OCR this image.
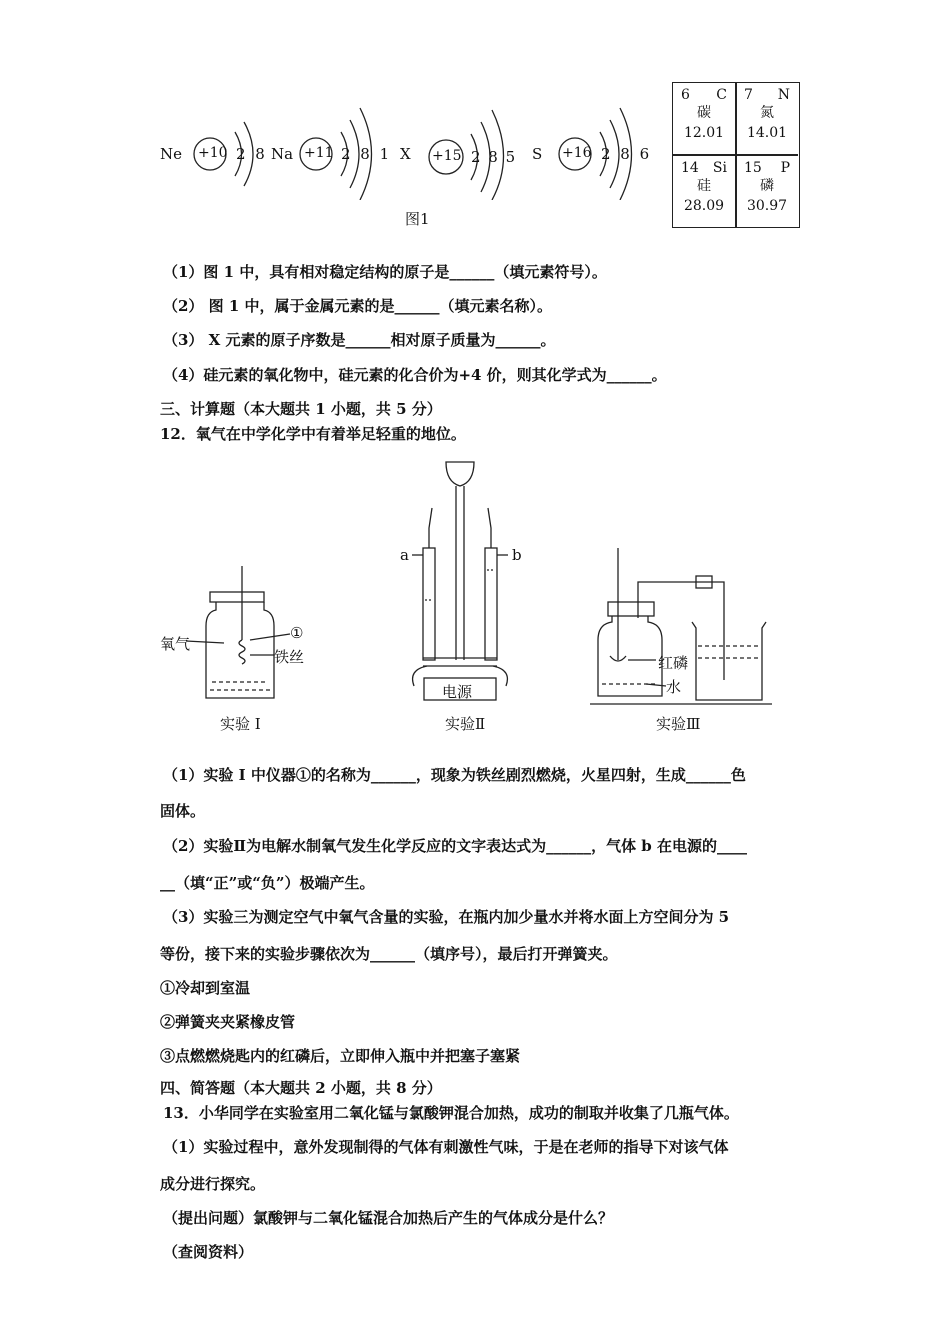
Ne +10 2 8 Na +11 2 8 1 X +15 2 8 5 S +16 2 8 6
图1
6 C
碳
12.01
7 N
氮
14.01
14 Si
硅
28.09
15 P
磷
30.97
（1）图 1 中，具有相对稳定结构的原子是______（填元素符号）。
（2） 图 1 中，属于金属元素的是______（填元素名称）。
（3） X 元素的原子序数是______相对原子质量为______。
（4）硅元素的氧化物中，硅元素的化合价为+4 价，则其化学式为______。
三、计算题（本大题共 1 小题，共 5 分）
12．氧气在中学化学中有着举足轻重的地位。
氧气
①
铁丝
实验 I
a	b
电源
实验Ⅱ
红磷
水
实验Ⅲ
（1）实验 I 中仪器①的名称为______，现象为铁丝剧烈燃烧，火星四射，生成______色
固体。
（2）实验Ⅱ为电解水制氧气发生化学反应的文字表达式为______，气体 b 在电源的____
__（填“正”或“负”）极端产生。
（3）实验三为测定空气中氧气含量的实验，在瓶内加少量水并将水面上方空间分为 5
等份，接下来的实验步骤依次为______（填序号），最后打开弹簧夹。
①冷却到室温
②弹簧夹夹紧橡皮管
③点燃燃烧匙内的红磷后，立即伸入瓶中并把塞子塞紧
四、简答题（本大题共 2 小题，共 8 分）
13．小华同学在实验室用二氧化锰与氯酸钾混合加热，成功的制取并收集了几瓶气体。
（1）实验过程中，意外发现制得的气体有刺激性气味，于是在老师的指导下对该气体
成分进行探究。
（提出问题）氯酸钾与二氧化锰混合加热后产生的气体成分是什么？
（查阅资料）
